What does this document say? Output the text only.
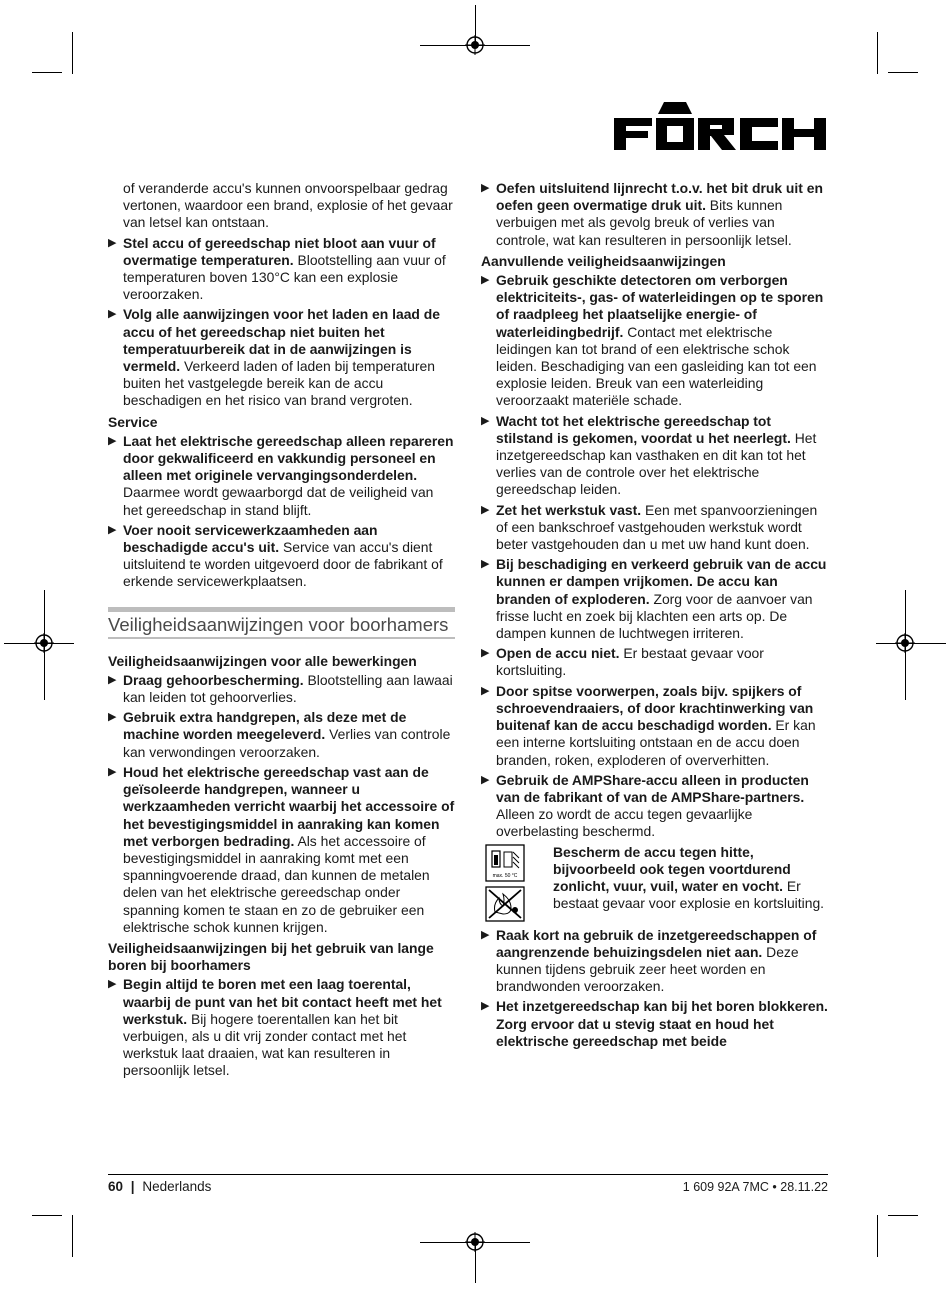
of veranderde accu's kunnen onvoorspelbaar gedrag vertonen, waardoor een brand, explosie of het gevaar van letsel kan ontstaan.

▶ Stel accu of gereedschap niet bloot aan vuur of overmatige temperaturen. Blootstelling aan vuur of temperaturen boven 130°C kan een explosie veroorzaken.
▶ Volg alle aanwijzingen voor het laden en laad de accu of het gereedschap niet buiten het temperatuurbereik dat in de aanwijzingen is vermeld. Verkeerd laden of laden bij temperaturen buiten het vastgelegde bereik kan de accu beschadigen en het risico van brand vergroten.
Service
▶ Laat het elektrische gereedschap alleen repareren door gekwalificeerd en vakkundig personeel en alleen met originele vervangingsonderdelen. Daarmee wordt gewaarborgd dat de veiligheid van het gereedschap in stand blijft.
▶ Voer nooit servicewerkzaamheden aan beschadigde accu's uit. Service van accu's dient uitsluitend te worden uitgevoerd door de fabrikant of erkende servicewerkplaatsen.
Veiligheidsaanwijzingen voor boorhamers
Veiligheidsaanwijzingen voor alle bewerkingen
▶ Draag gehoorbescherming. Blootstelling aan lawaai kan leiden tot gehoorverlies.
▶ Gebruik extra handgrepen, als deze met de machine worden meegeleverd. Verlies van controle kan verwondingen veroorzaken.
▶ Houd het elektrische gereedschap vast aan de geïsoleerde handgrepen, wanneer u werkzaamheden verricht waarbij het accessoire of het bevestigingsmiddel in aanraking kan komen met verborgen bedrading. Als het accessoire of bevestigingsmiddel in aanraking komt met een spanningvoerende draad, dan kunnen de metalen delen van het elektrische gereedschap onder spanning komen te staan en zo de gebruiker een elektrische schok kunnen krijgen.
Veiligheidsaanwijzingen bij het gebruik van lange boren bij boorhamers
▶ Begin altijd te boren met een laag toerental, waarbij de punt van het bit contact heeft met het werkstuk. Bij hogere toerentallen kan het bit verbuigen, als u dit vrij zonder contact met het werkstuk laat draaien, wat kan resulteren in persoonlijk letsel.
▶ Oefen uitsluitend lijnrecht t.o.v. het bit druk uit en oefen geen overmatige druk uit. Bits kunnen verbuigen met als gevolg breuk of verlies van controle, wat kan resulteren in persoonlijk letsel.
Aanvullende veiligheidsaanwijzingen
▶ Gebruik geschikte detectoren om verborgen elektriciteits-, gas- of waterleidingen op te sporen of raadpleeg het plaatselijke energie- of waterleidingbedrijf. Contact met elektrische leidingen kan tot brand of een elektrische schok leiden. Beschadiging van een gasleiding kan tot een explosie leiden. Breuk van een waterleiding veroorzaakt materiële schade.
▶ Wacht tot het elektrische gereedschap tot stilstand is gekomen, voordat u het neerlegt. Het inzetgereedschap kan vasthaken en dit kan tot het verlies van de controle over het elektrische gereedschap leiden.
▶ Zet het werkstuk vast. Een met spanvoorzieningen of een bankschroef vastgehouden werkstuk wordt beter vastgehouden dan u met uw hand kunt doen.
▶ Bij beschadiging en verkeerd gebruik van de accu kunnen er dampen vrijkomen. De accu kan branden of exploderen. Zorg voor de aanvoer van frisse lucht en zoek bij klachten een arts op. De dampen kunnen de luchtwegen irriteren.
▶ Open de accu niet. Er bestaat gevaar voor kortsluiting.
▶ Door spitse voorwerpen, zoals bijv. spijkers of schroevendraaiers, of door krachtinwerking van buitenaf kan de accu beschadigd worden. Er kan een interne kortsluiting ontstaan en de accu doen branden, roken, exploderen of oververhitten.
▶ Gebruik de AMPShare-accu alleen in producten van de fabrikant of van de AMPShare-partners. Alleen zo wordt de accu tegen gevaarlijke overbelasting beschermd.
max. 50 °C
Bescherm de accu tegen hitte, bijvoorbeeld ook tegen voortdurend zonlicht, vuur, vuil, water en vocht. Er bestaat gevaar voor explosie en kortsluiting.
▶ Raak kort na gebruik de inzetgereedschappen of aangrenzende behuizingsdelen niet aan. Deze kunnen tijdens gebruik zeer heet worden en brandwonden veroorzaken.
▶ Het inzetgereedschap kan bij het boren blokkeren. Zorg ervoor dat u stevig staat en houd het elektrische gereedschap met beide
60 | Nederlands	1 609 92A 7MC • 28.11.22
